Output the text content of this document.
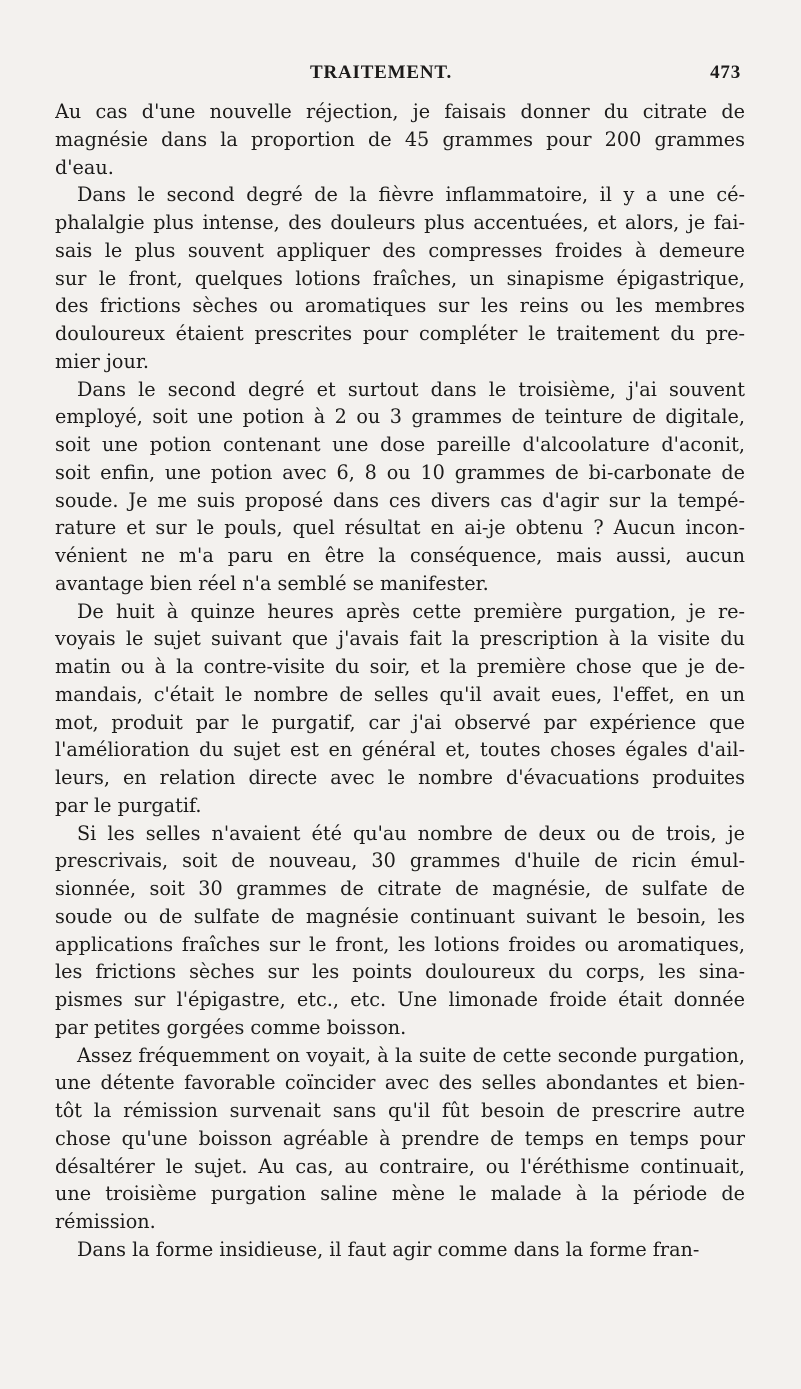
TRAITEMENT.	473
Au cas d'une nouvelle réjection, je faisais donner du citrate de
magnésie dans la proportion de 45 grammes pour 200 grammes
d'eau.
Dans le second degré de la fièvre inflammatoire, il y a une cé-
phalalgie plus intense, des douleurs plus accentuées, et alors, je fai-
sais le plus souvent appliquer des compresses froides à demeure
sur le front, quelques lotions fraîches, un sinapisme épigastrique,
des frictions sèches ou aromatiques sur les reins ou les membres
douloureux étaient prescrites pour compléter le traitement du pre-
mier jour.
Dans le second degré et surtout dans le troisième, j'ai souvent
employé, soit une potion à 2 ou 3 grammes de teinture de digitale,
soit une potion contenant une dose pareille d'alcoolature d'aconit,
soit enfin, une potion avec 6, 8 ou 10 grammes de bi-carbonate de
soude. Je me suis proposé dans ces divers cas d'agir sur la tempé-
rature et sur le pouls, quel résultat en ai-je obtenu ? Aucun incon-
vénient ne m'a paru en être la conséquence, mais aussi, aucun
avantage bien réel n'a semblé se manifester.
De huit à quinze heures après cette première purgation, je re-
voyais le sujet suivant que j'avais fait la prescription à la visite du
matin ou à la contre-visite du soir, et la première chose que je de-
mandais, c'était le nombre de selles qu'il avait eues, l'effet, en un
mot, produit par le purgatif, car j'ai observé par expérience que
l'amélioration du sujet est en général et, toutes choses égales d'ail-
leurs, en relation directe avec le nombre d'évacuations produites
par le purgatif.
Si les selles n'avaient été qu'au nombre de deux ou de trois, je
prescrivais, soit de nouveau, 30 grammes d'huile de ricin émul-
sionnée, soit 30 grammes de citrate de magnésie, de sulfate de
soude ou de sulfate de magnésie continuant suivant le besoin, les
applications fraîches sur le front, les lotions froides ou aromatiques,
les frictions sèches sur les points douloureux du corps, les sina-
pismes sur l'épigastre, etc., etc. Une limonade froide était donnée
par petites gorgées comme boisson.
Assez fréquemment on voyait, à la suite de cette seconde purgation,
une détente favorable coïncider avec des selles abondantes et bien-
tôt la rémission survenait sans qu'il fût besoin de prescrire autre
chose qu'une boisson agréable à prendre de temps en temps pour
désaltérer le sujet. Au cas, au contraire, ou l'éréthisme continuait,
une troisième purgation saline mène le malade à la période de
rémission.
Dans la forme insidieuse, il faut agir comme dans la forme fran-
